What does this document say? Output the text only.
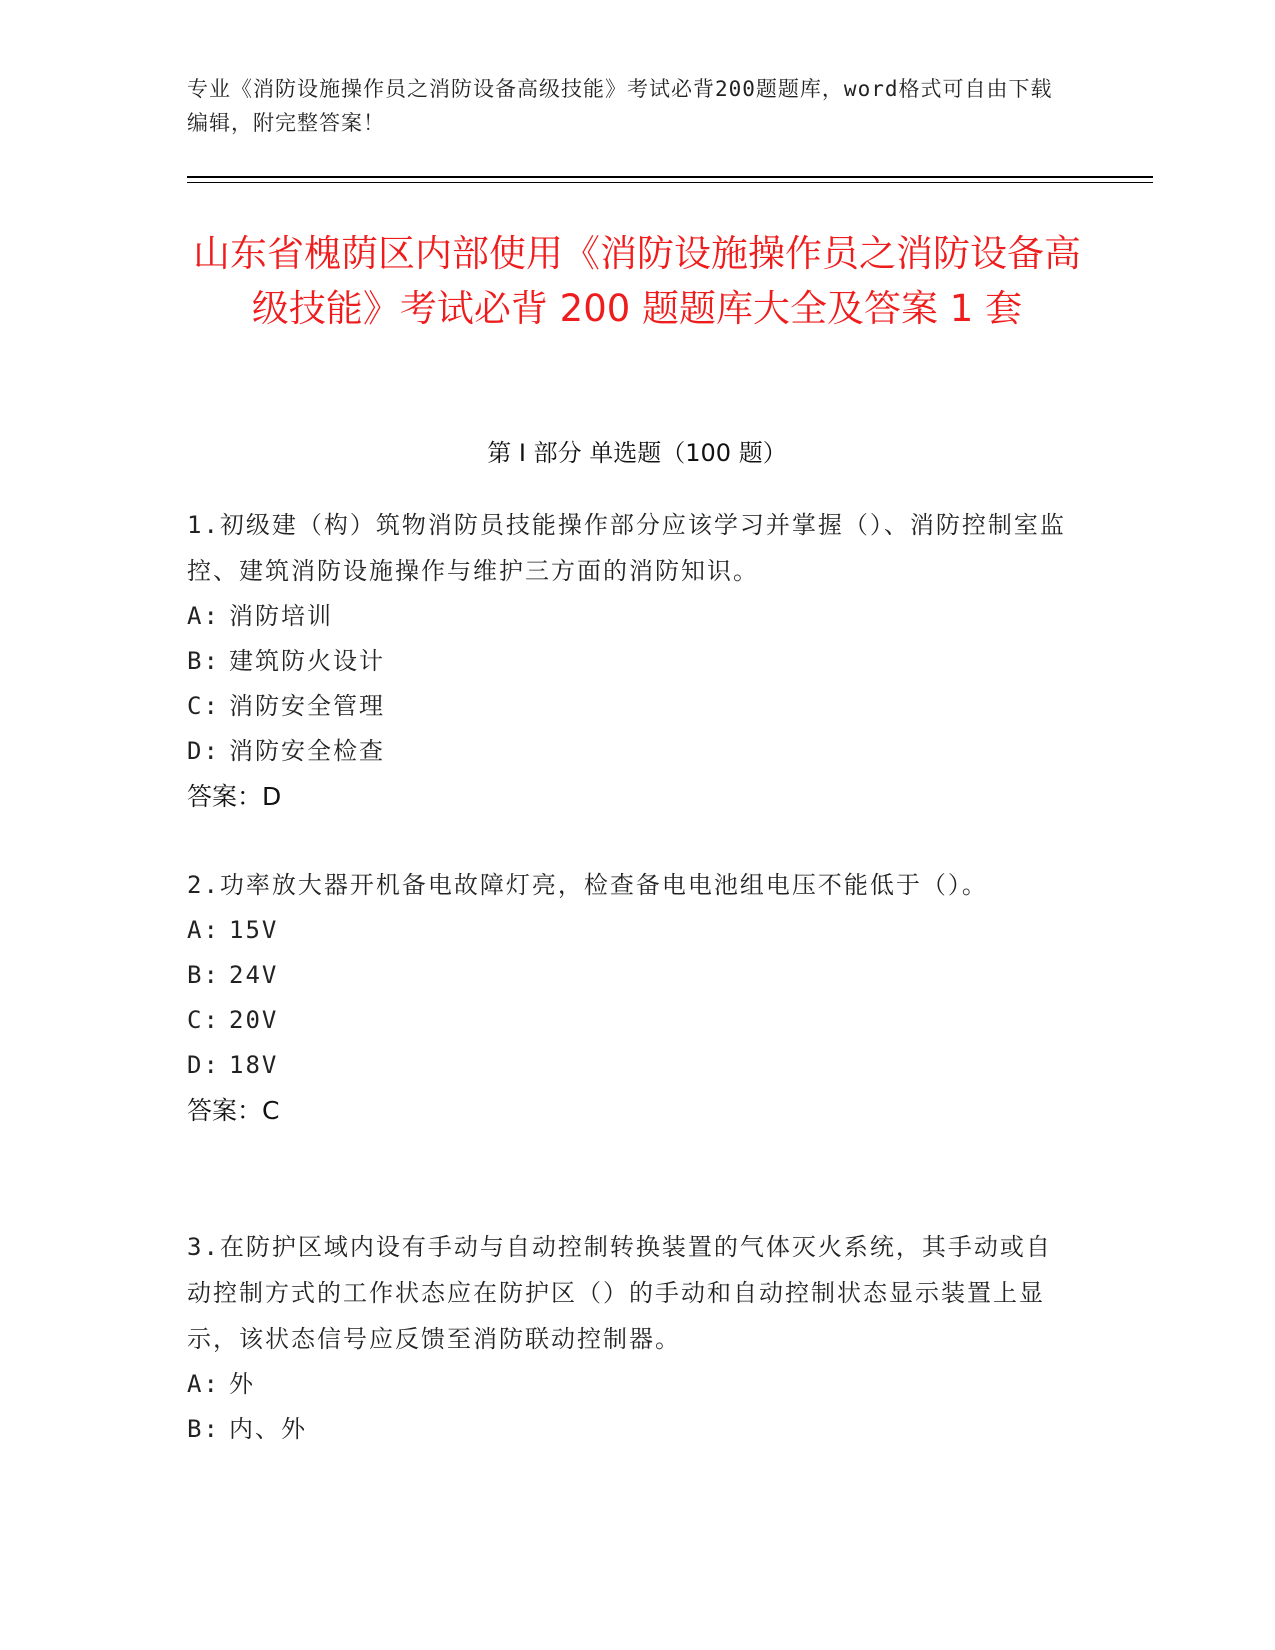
专业《消防设施操作员之消防设备高级技能》考试必背200题题库，word格式可自由下载编辑，附完整答案！
山东省槐荫区内部使用《消防设施操作员之消防设备高级技能》考试必背 200 题题库大全及答案 1 套
第 I 部分 单选题（100 题）

1.初级建（构）筑物消防员技能操作部分应该学习并掌握（）、消防控制室监控、建筑消防设施操作与维护三方面的消防知识。

A: 消防培训

B: 建筑防火设计

C: 消防安全管理

D: 消防安全检查

答案：D

2.功率放大器开机备电故障灯亮，检查备电电池组电压不能低于（）。

A: 15V

B: 24V

C: 20V

D: 18V

答案：C

3.在防护区域内设有手动与自动控制转换装置的气体灭火系统，其手动或自动控制方式的工作状态应在防护区（）的手动和自动控制状态显示装置上显示，该状态信号应反馈至消防联动控制器。

A: 外

B: 内、外
